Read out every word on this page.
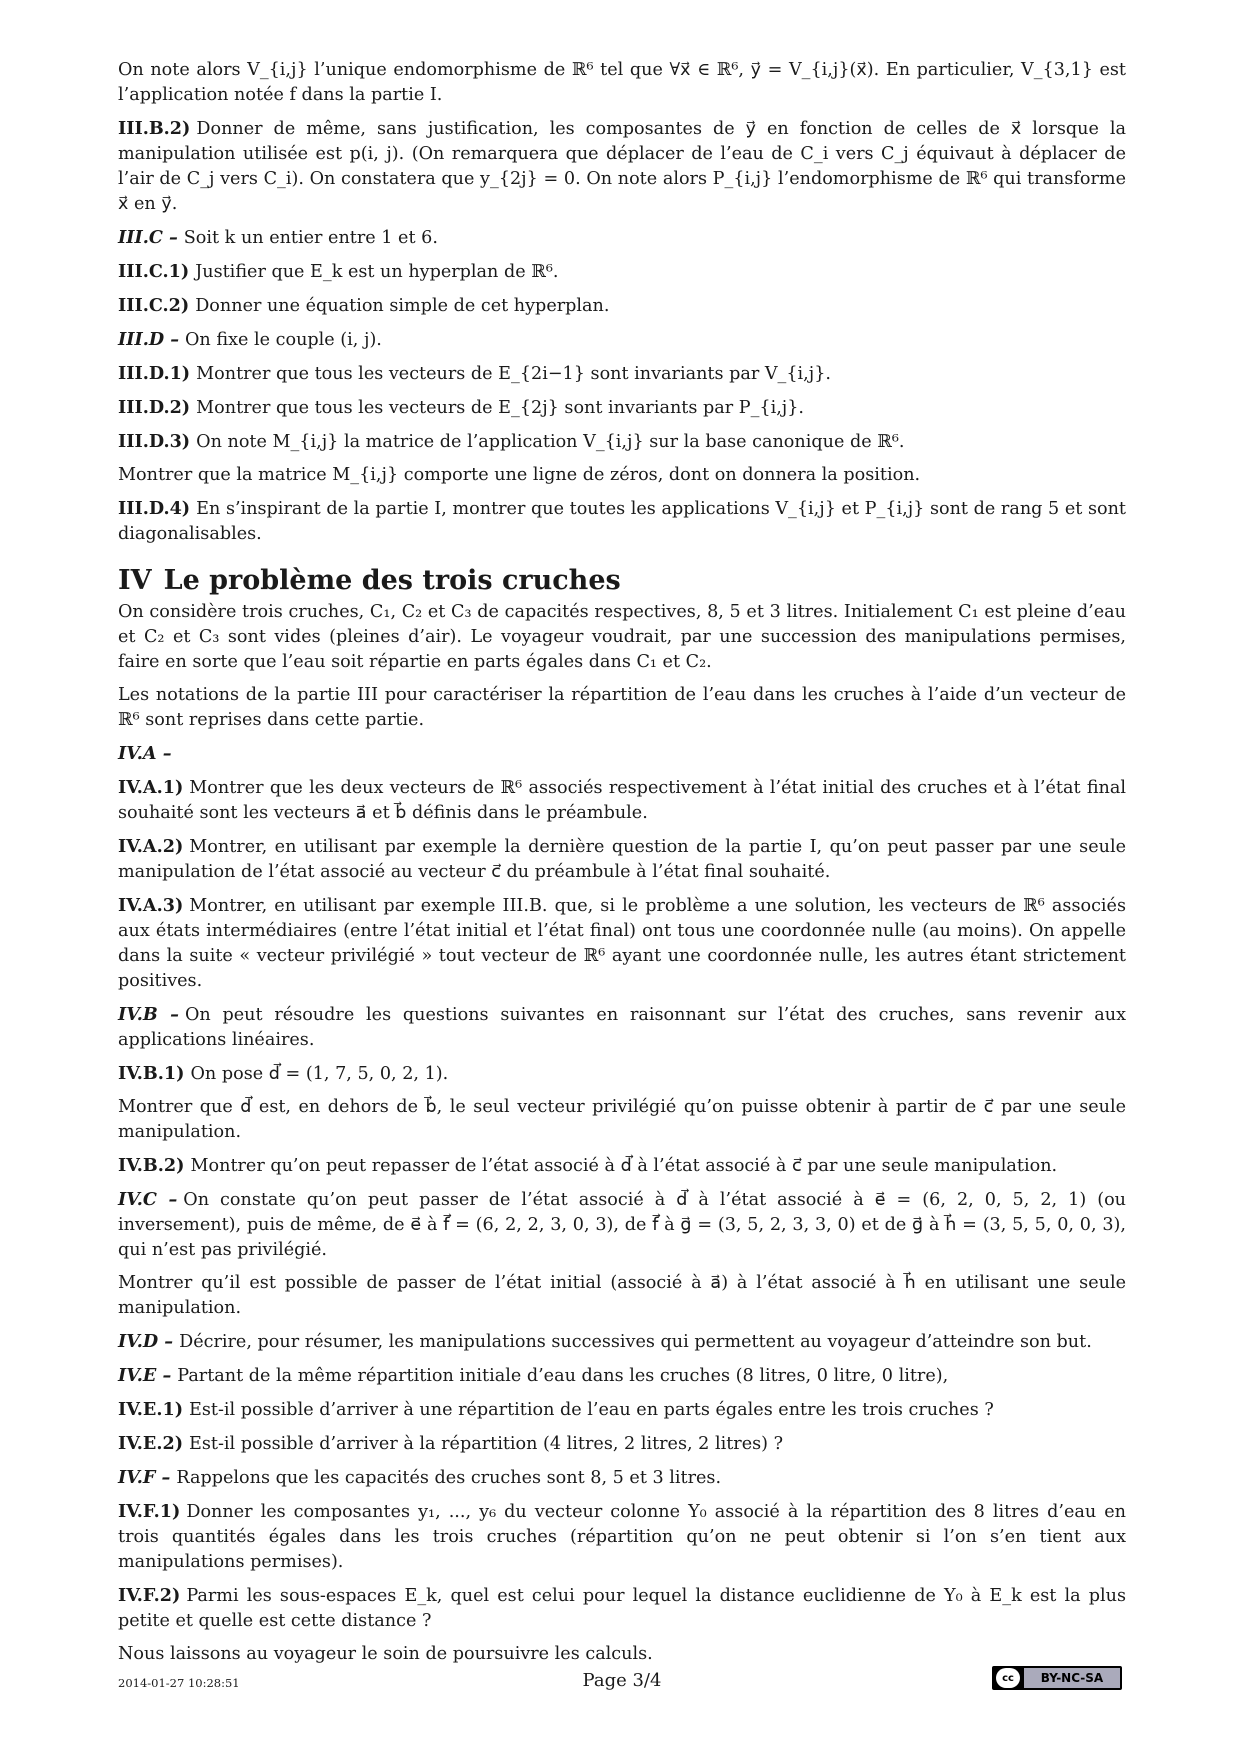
On note alors V_{i,j} l’unique endomorphisme de ℝ⁶ tel que ∀x⃗ ∈ ℝ⁶, y⃗ = V_{i,j}(x⃗). En particulier, V_{3,1} est l’application notée f dans la partie I.

III.B.2) Donner de même, sans justification, les composantes de y⃗ en fonction de celles de x⃗ lorsque la manipulation utilisée est p(i, j). (On remarquera que déplacer de l’eau de C_i vers C_j équivaut à déplacer de l’air de C_j vers C_i). On constatera que y_{2j} = 0. On note alors P_{i,j} l’endomorphisme de ℝ⁶ qui transforme x⃗ en y⃗.

III.C – Soit k un entier entre 1 et 6.

III.C.1) Justifier que E_k est un hyperplan de ℝ⁶.

III.C.2) Donner une équation simple de cet hyperplan.

III.D – On fixe le couple (i, j).

III.D.1) Montrer que tous les vecteurs de E_{2i−1} sont invariants par V_{i,j}.

III.D.2) Montrer que tous les vecteurs de E_{2j} sont invariants par P_{i,j}.

III.D.3) On note M_{i,j} la matrice de l’application V_{i,j} sur la base canonique de ℝ⁶.

Montrer que la matrice M_{i,j} comporte une ligne de zéros, dont on donnera la position.

III.D.4) En s’inspirant de la partie I, montrer que toutes les applications V_{i,j} et P_{i,j} sont de rang 5 et sont diagonalisables.

IV Le problème des trois cruches

On considère trois cruches, C₁, C₂ et C₃ de capacités respectives, 8, 5 et 3 litres. Initialement C₁ est pleine d’eau et C₂ et C₃ sont vides (pleines d’air). Le voyageur voudrait, par une succession des manipulations permises, faire en sorte que l’eau soit répartie en parts égales dans C₁ et C₂.

Les notations de la partie III pour caractériser la répartition de l’eau dans les cruches à l’aide d’un vecteur de ℝ⁶ sont reprises dans cette partie.

IV.A –

IV.A.1) Montrer que les deux vecteurs de ℝ⁶ associés respectivement à l’état initial des cruches et à l’état final souhaité sont les vecteurs a⃗ et b⃗ définis dans le préambule.

IV.A.2) Montrer, en utilisant par exemple la dernière question de la partie I, qu’on peut passer par une seule manipulation de l’état associé au vecteur c⃗ du préambule à l’état final souhaité.

IV.A.3) Montrer, en utilisant par exemple III.B. que, si le problème a une solution, les vecteurs de ℝ⁶ associés aux états intermédiaires (entre l’état initial et l’état final) ont tous une coordonnée nulle (au moins). On appelle dans la suite « vecteur privilégié » tout vecteur de ℝ⁶ ayant une coordonnée nulle, les autres étant strictement positives.

IV.B – On peut résoudre les questions suivantes en raisonnant sur l’état des cruches, sans revenir aux applications linéaires.

IV.B.1) On pose d⃗ = (1, 7, 5, 0, 2, 1).

Montrer que d⃗ est, en dehors de b⃗, le seul vecteur privilégié qu’on puisse obtenir à partir de c⃗ par une seule manipulation.

IV.B.2) Montrer qu’on peut repasser de l’état associé à d⃗ à l’état associé à c⃗ par une seule manipulation.

IV.C – On constate qu’on peut passer de l’état associé à d⃗ à l’état associé à e⃗ = (6, 2, 0, 5, 2, 1) (ou inversement), puis de même, de e⃗ à f⃗ = (6, 2, 2, 3, 0, 3), de f⃗ à g⃗ = (3, 5, 2, 3, 3, 0) et de g⃗ à h⃗ = (3, 5, 5, 0, 0, 3), qui n’est pas privilégié.

Montrer qu’il est possible de passer de l’état initial (associé à a⃗) à l’état associé à h⃗ en utilisant une seule manipulation.

IV.D – Décrire, pour résumer, les manipulations successives qui permettent au voyageur d’atteindre son but.

IV.E – Partant de la même répartition initiale d’eau dans les cruches (8 litres, 0 litre, 0 litre),

IV.E.1) Est-il possible d’arriver à une répartition de l’eau en parts égales entre les trois cruches ?

IV.E.2) Est-il possible d’arriver à la répartition (4 litres, 2 litres, 2 litres) ?

IV.F – Rappelons que les capacités des cruches sont 8, 5 et 3 litres.

IV.F.1) Donner les composantes y₁, ..., y₆ du vecteur colonne Y₀ associé à la répartition des 8 litres d’eau en trois quantités égales dans les trois cruches (répartition qu’on ne peut obtenir si l’on s’en tient aux manipulations permises).

IV.F.2) Parmi les sous-espaces E_k, quel est celui pour lequel la distance euclidienne de Y₀ à E_k est la plus petite et quelle est cette distance ?

Nous laissons au voyageur le soin de poursuivre les calculs.

2014-01-27 10:28:51	Page 3/4	cc	BY-NC-SA
